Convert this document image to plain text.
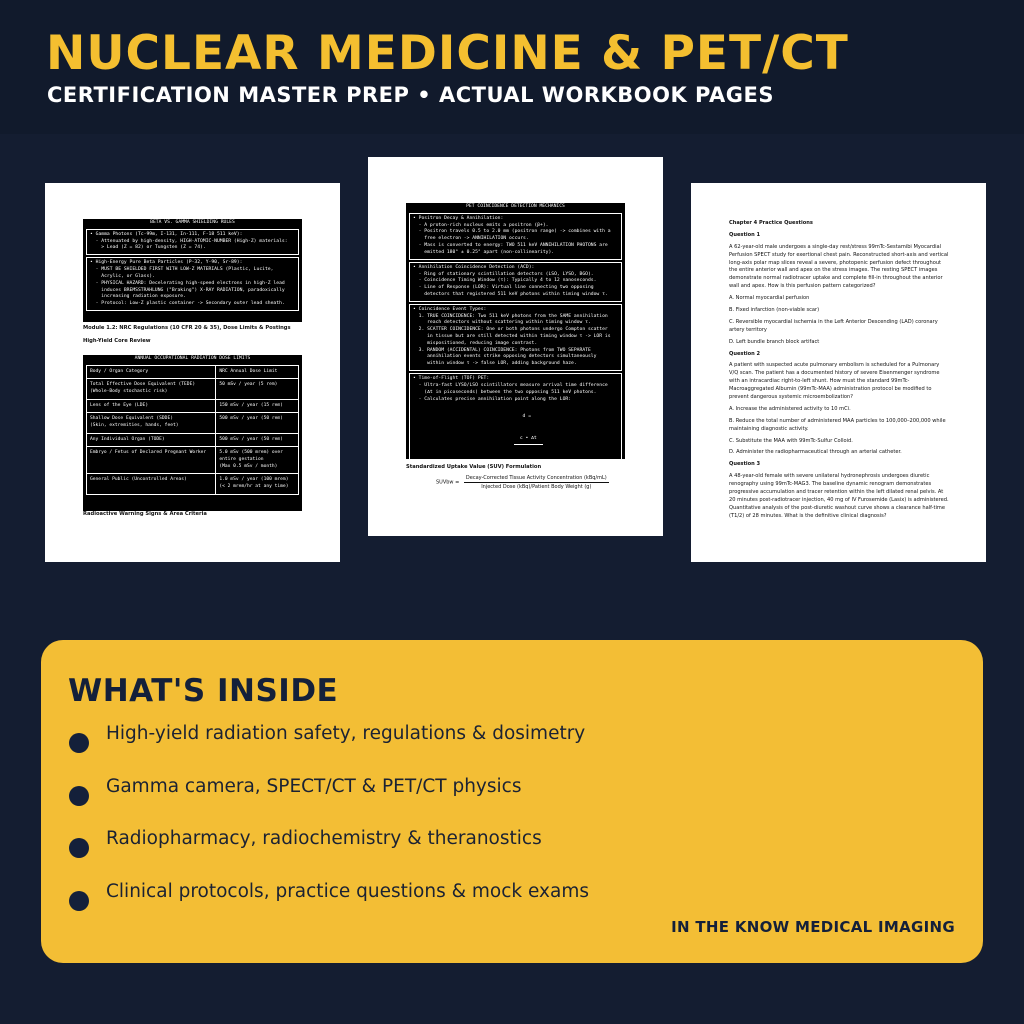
NUCLEAR MEDICINE & PET/CT
CERTIFICATION MASTER PREP • ACTUAL WORKBOOK PAGES
BETA VS. GAMMA SHIELDING RULES
• Gamma Photons (Tc-99m, I-131, In-111, F-18 511 keV):
- Attenuated by high-density, HIGH-ATOMIC-NUMBER (High-Z) materials:
> Lead (Z = 82) or Tungsten (Z = 74).
• High-Energy Pure Beta Particles (P-32, Y-90, Sr-89):
- MUST BE SHIELDED FIRST WITH LOW-Z MATERIALS (Plastic, Lucite,
Acrylic, or Glass).
- PHYSICAL HAZARD: Decelerating high-speed electrons in high-Z lead
induces BREMSSTRAHLUNG ("Braking") X-RAY RADIATION, paradoxically
increasing radiation exposure.
- Protocol: Low-Z plastic container -> Secondary outer lead sheath.
Module 1.2: NRC Regulations (10 CFR 20 & 35), Dose Limits & Postings
High-Yield Core Review
ANNUAL OCCUPATIONAL RADIATION DOSE LIMITS
Body / Organ Category	NRC Annual Dose Limit
Total Effective Dose Equivalent (TEDE)
(Whole-Body stochastic risk)	50 mSv / year (5 rem)
Lens of the Eye (LDE)	150 mSv / year (15 rem)
Shallow Dose Equivalent (SDDE)
(Skin, extremities, hands, feet)	500 mSv / year (50 rem)
Any Individual Organ (TODE)	500 mSv / year (50 rem)
Embryo / Fetus of Declared Pregnant Worker	5.0 mSv (500 mrem) over
entire gestation
(Max 0.5 mSv / month)
General Public (Uncontrolled Areas)	1.0 mSv / year (100 mrem)
(< 2 mrem/hr at any time)
Radioactive Warning Signs & Area Criteria
PET COINCIDENCE DETECTION MECHANICS
• Positron Decay & Annihilation:
- A proton-rich nucleus emits a positron (β+).
- Positron travels 0.5 to 2.0 mm (positron range) -> combines with a
free electron -> ANNIHILATION occurs.
- Mass is converted to energy: TWO 511 keV ANNIHILATION PHOTONS are
emitted 180° ± 0.25° apart (non-collinearity).
• Annihilation Coincidence Detection (ACD):
- Ring of stationary scintillation detectors (LSO, LYSO, BGO).
- Coincidence Timing Window (τ): Typically 4 to 12 nanoseconds.
- Line of Response (LOR): Virtual line connecting two opposing
detectors that registered 511 keV photons within timing window τ.
• Coincidence Event Types:
1. TRUE COINCIDENCE: Two 511 keV photons from the SAME annihilation
reach detectors without scattering within timing window τ.
2. SCATTER COINCIDENCE: One or both photons undergo Compton scatter
in tissue but are still detected within timing window τ -> LOR is
mispositioned, reducing image contrast.
3. RANDOM (ACCIDENTAL) COINCIDENCE: Photons from TWO SEPARATE
annihilation events strike opposing detectors simultaneously
within window τ -> false LOR, adding background haze.
• Time-of-Flight (TOF) PET:
- Ultra-fast LYSO/LSO scintillators measure arrival time difference
(Δt in picoseconds) between the two opposing 511 keV photons.
- Calculates precise annihilation point along the LOR:

d =

$\frac{c • \Delta t}{2}$

- Drastically increases Signal-to-Noise Ratio (SNR) in large habitus.
Standardized Uptake Value (SUV) Formulation
SUVbw = $\frac{\text{Decay-Corrected Tissue Activity Concentration (kBq/mL)}}{\text{Injected Dose (kBq)/Patient Body Weight (g)}}$

Chapter 4 Practice Questions

Question 1

A 62-year-old male undergoes a single-day rest/stress 99mTc-Sestamibi Myocardial Perfusion SPECT study for exertional chest pain. Reconstructed short-axis and vertical long-axis polar map slices reveal a severe, photopenic perfusion defect throughout the entire anterior wall and apex on the stress images. The resting SPECT images demonstrate normal radiotracer uptake and complete fill-in throughout the anterior wall and apex. How is this perfusion pattern categorized?

A. Normal myocardial perfusion

B. Fixed infarction (non-viable scar)

C. Reversible myocardial ischemia in the Left Anterior Descending (LAD) coronary artery territory

D. Left bundle branch block artifact

Question 2

A patient with suspected acute pulmonary embolism is scheduled for a Pulmonary V/Q scan. The patient has a documented history of severe Eisenmenger syndrome with an intracardiac right-to-left shunt. How must the standard 99mTc-Macroaggregated Albumin (99mTc-MAA) administration protocol be modified to prevent dangerous systemic microembolization?

A. Increase the administered activity to 10 mCi.

B. Reduce the total number of administered MAA particles to 100,000–200,000 while maintaining diagnostic activity.

C. Substitute the MAA with 99mTc-Sulfur Colloid.

D. Administer the radiopharmaceutical through an arterial catheter.

Question 3

A 48-year-old female with severe unilateral hydronephrosis undergoes diuretic renography using 99mTc-MAG3. The baseline dynamic renogram demonstrates progressive accumulation and tracer retention within the left dilated renal pelvis. At 20 minutes post-radiotracer injection, 40 mg of IV Furosemide (Lasix) is administered. Quantitative analysis of the post-diuretic washout curve shows a clearance half-time (T1/2) of 28 minutes. What is the definitive clinical diagnosis?

WHAT'S INSIDE
High-yield radiation safety, regulations & dosimetry
Gamma camera, SPECT/CT & PET/CT physics
Radiopharmacy, radiochemistry & theranostics
Clinical protocols, practice questions & mock exams
IN THE KNOW MEDICAL IMAGING
